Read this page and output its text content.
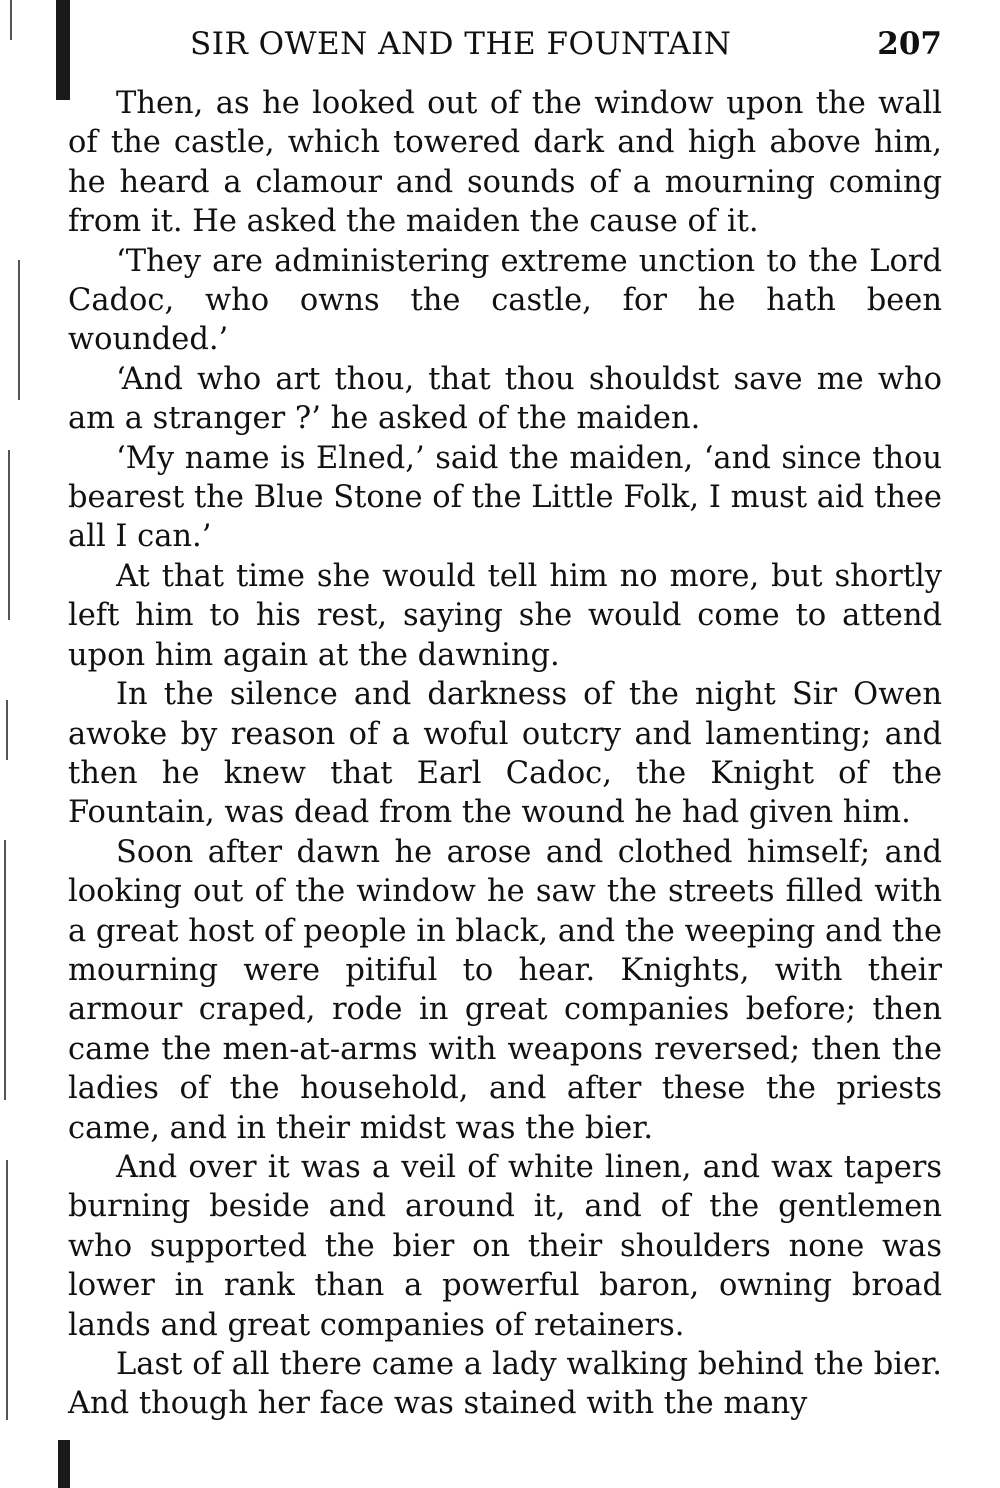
SIR OWEN AND THE FOUNTAIN	207

Then, as he looked out of the window upon the wall of the castle, which towered dark and high above him, he heard a clamour and sounds of a mourning coming from it. He asked the maiden the cause of it.

‘They are administering extreme unction to the Lord Cadoc, who owns the castle, for he hath been wounded.’

‘And who art thou, that thou shouldst save me who am a stranger ?’ he asked of the maiden.

‘My name is Elned,’ said the maiden, ‘and since thou bearest the Blue Stone of the Little Folk, I must aid thee all I can.’

At that time she would tell him no more, but shortly left him to his rest, saying she would come to attend upon him again at the dawning.

In the silence and darkness of the night Sir Owen awoke by reason of a woful outcry and lamenting; and then he knew that Earl Cadoc, the Knight of the Fountain, was dead from the wound he had given him.

Soon after dawn he arose and clothed himself; and looking out of the window he saw the streets filled with a great host of people in black, and the weeping and the mourning were pitiful to hear. Knights, with their armour craped, rode in great companies before; then came the men-at-arms with weapons reversed; then the ladies of the household, and after these the priests came, and in their midst was the bier.

And over it was a veil of white linen, and wax tapers burning beside and around it, and of the gentlemen who supported the bier on their shoulders none was lower in rank than a powerful baron, owning broad lands and great companies of retainers.

Last of all there came a lady walking behind the bier. And though her face was stained with the many
